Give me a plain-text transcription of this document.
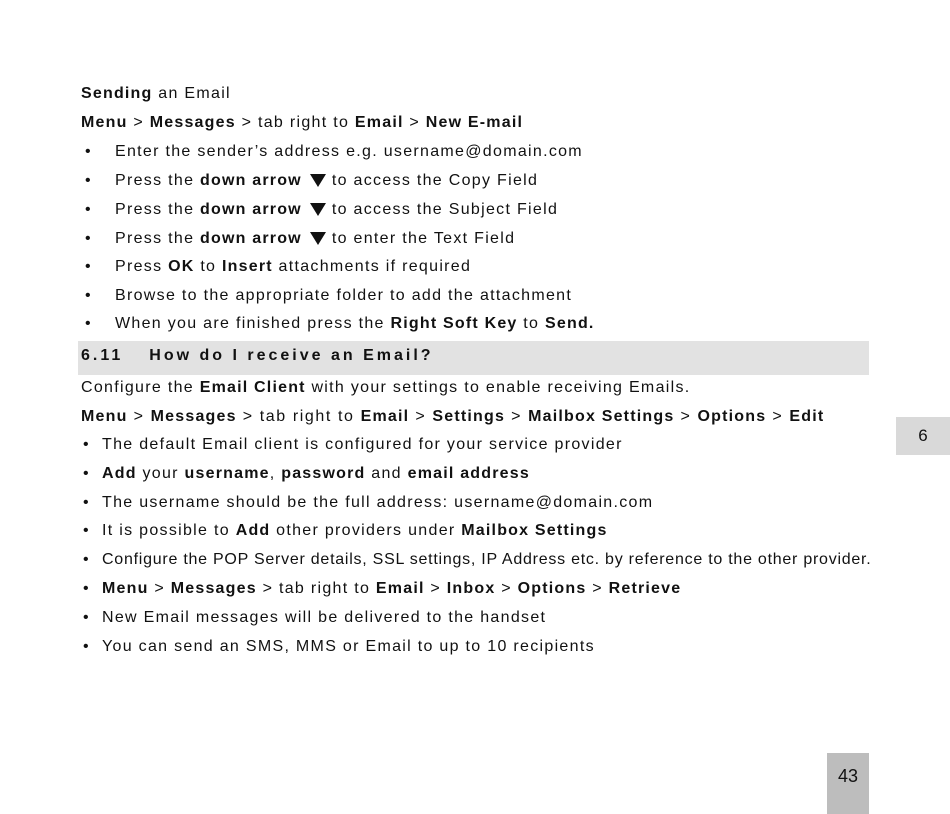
Sending an Email
Menu > Messages > tab right to Email > New E-mail
• Enter the sender’s address e.g. username@domain.com
• Press the down arrow to access the Copy Field
• Press the down arrow to access the Subject Field
• Press the down arrow to enter the Text Field
• Press OK to Insert attachments if required
• Browse to the appropriate folder to add the attachment
• When you are finished press the Right Soft Key to Send.
6.11 How do I receive an Email?
Configure the Email Client with your settings to enable receiving Emails.
Menu > Messages > tab right to Email > Settings > Mailbox Settings > Options > Edit
• The default Email client is configured for your service provider
• Add your username, password and email address
• The username should be the full address: username@domain.com
• It is possible to Add other providers under Mailbox Settings
• Configure the POP Server details, SSL settings, IP Address etc. by reference to the other provider.
• Menu > Messages > tab right to Email > Inbox > Options > Retrieve
• New Email messages will be delivered to the handset
• You can send an SMS, MMS or Email to up to 10 recipients
6
43
